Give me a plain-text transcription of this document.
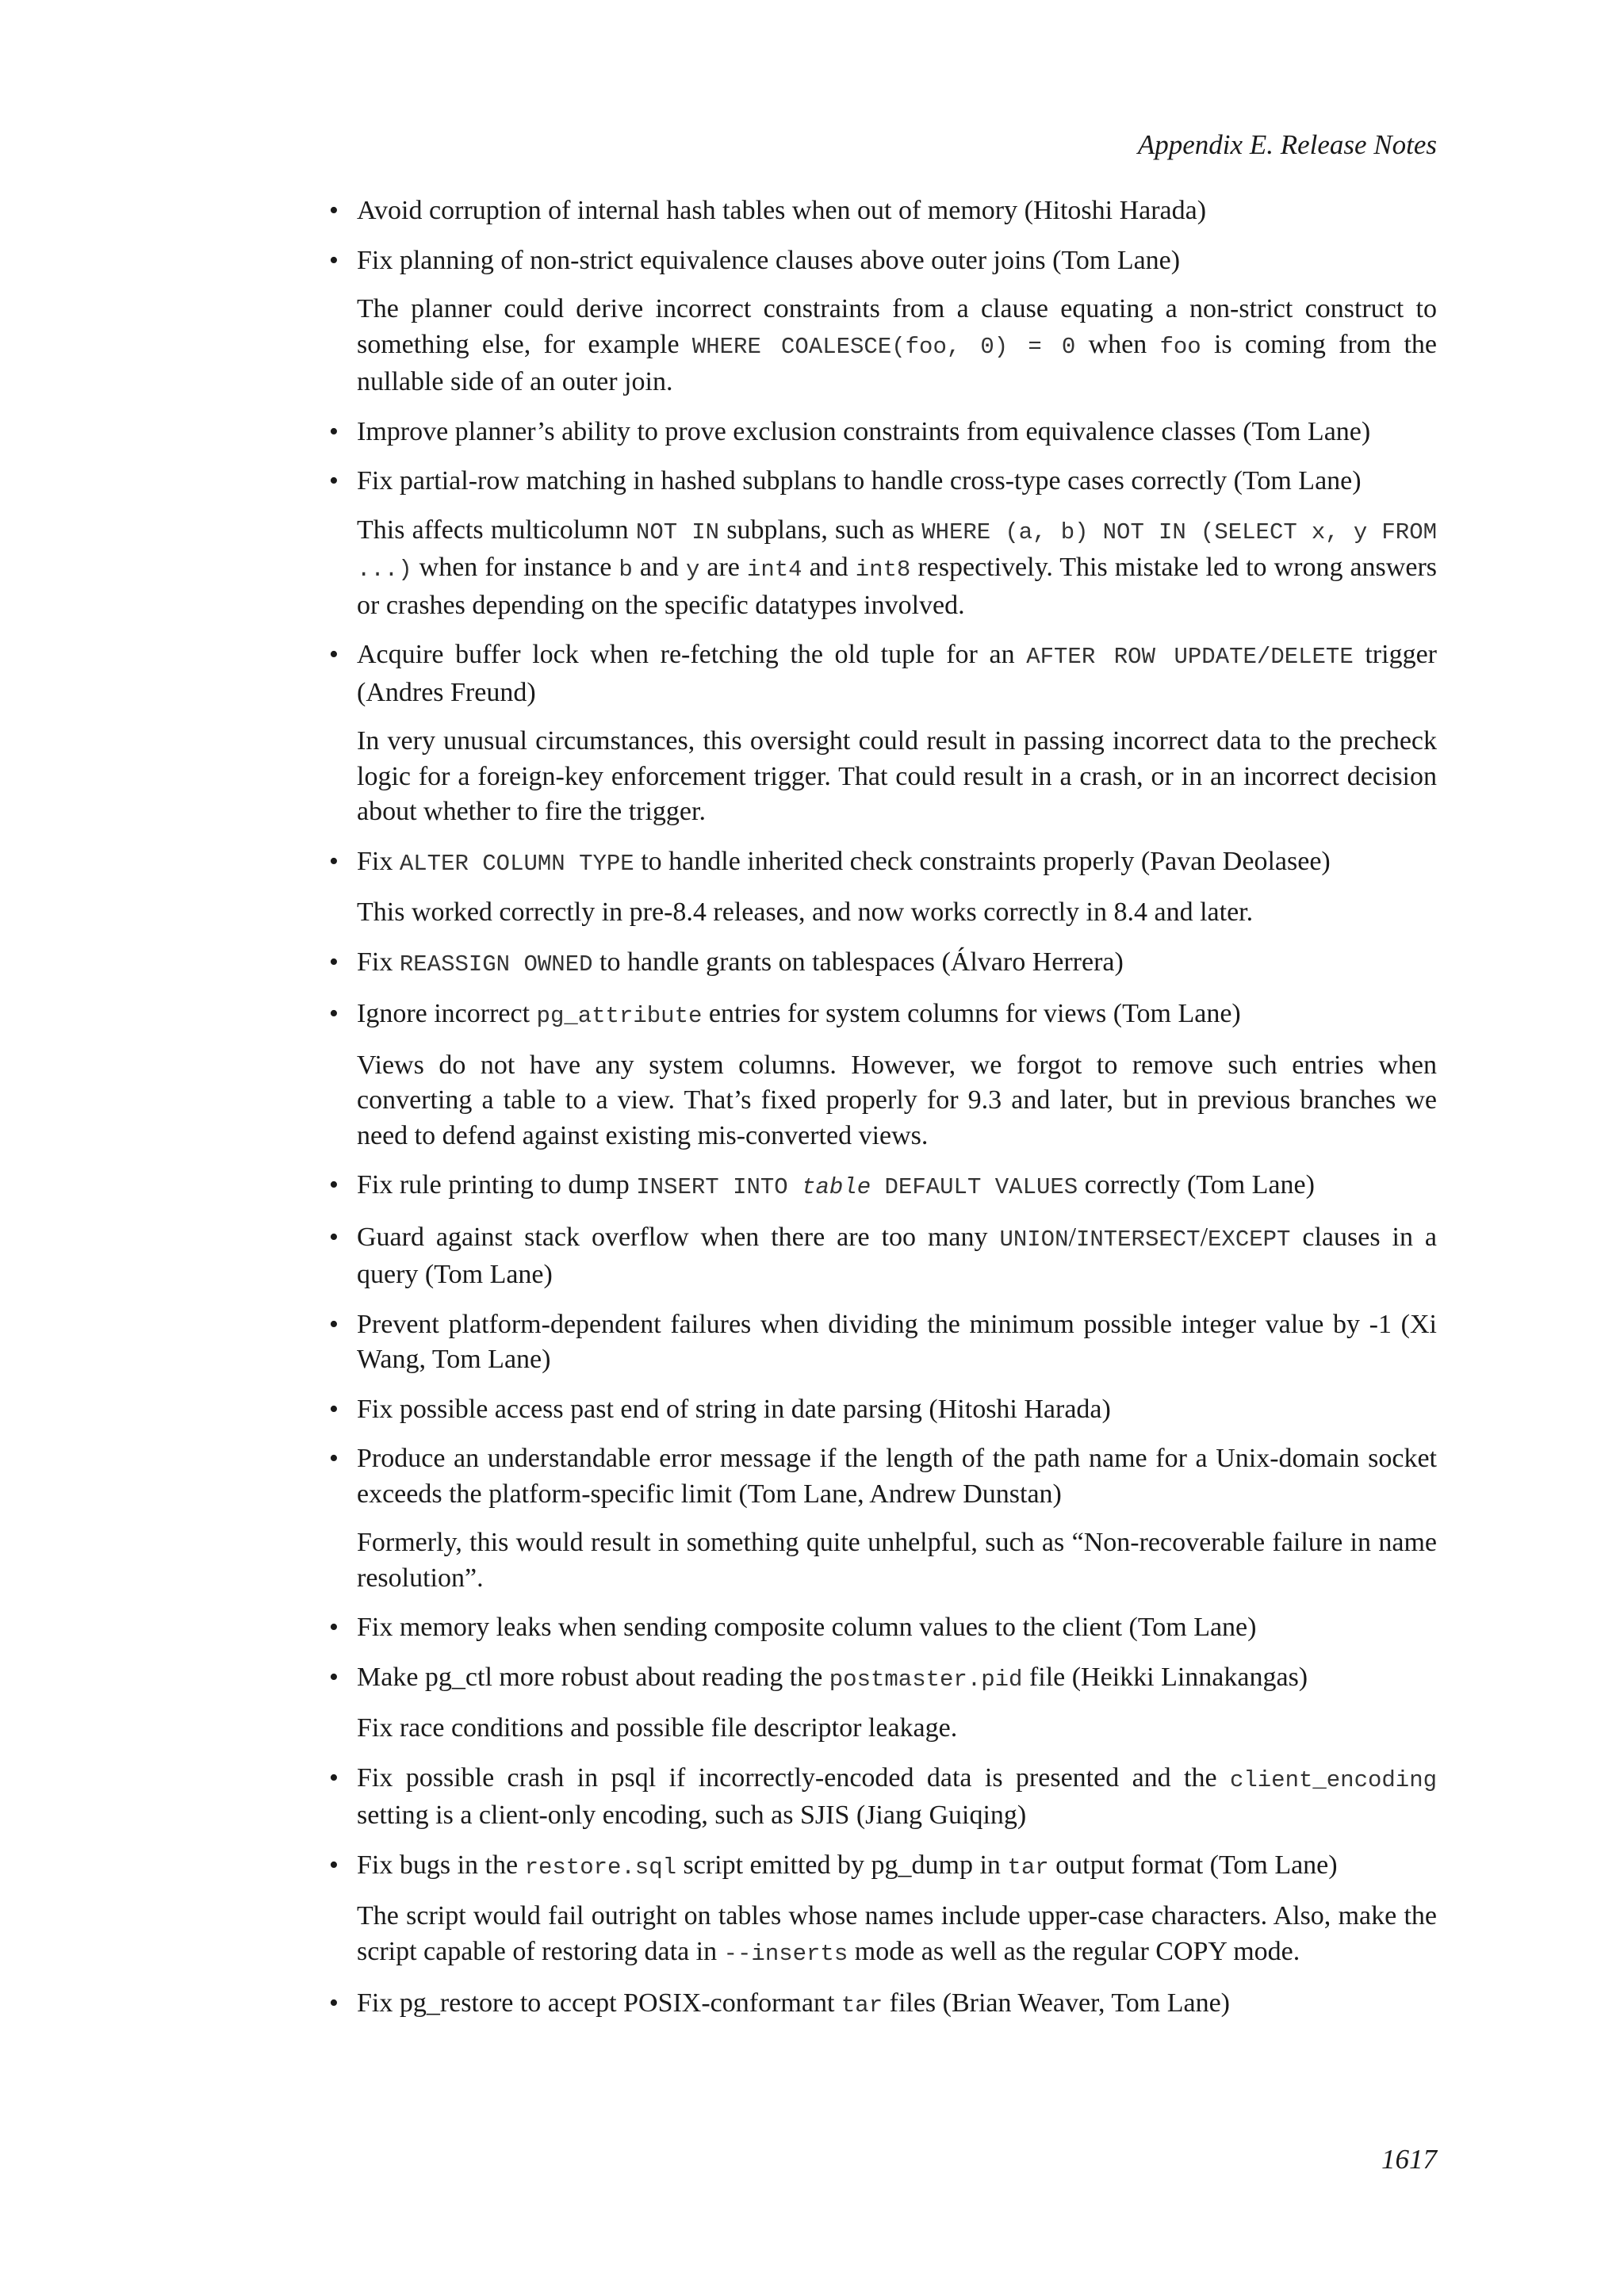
Appendix E. Release Notes
• Avoid corruption of internal hash tables when out of memory (Hitoshi Harada)

• Fix planning of non-strict equivalence clauses above outer joins (Tom Lane)

The planner could derive incorrect constraints from a clause equating a non-strict construct to something else, for example WHERE COALESCE(foo, 0) = 0 when foo is coming from the nullable side of an outer join.

• Improve planner’s ability to prove exclusion constraints from equivalence classes (Tom Lane)

• Fix partial-row matching in hashed subplans to handle cross-type cases correctly (Tom Lane)

This affects multicolumn NOT IN subplans, such as WHERE (a, b) NOT IN (SELECT x, y FROM ...) when for instance b and y are int4 and int8 respectively. This mistake led to wrong answers or crashes depending on the specific datatypes involved.

• Acquire buffer lock when re-fetching the old tuple for an AFTER ROW UPDATE/DELETE trigger (Andres Freund)

In very unusual circumstances, this oversight could result in passing incorrect data to the precheck logic for a foreign-key enforcement trigger. That could result in a crash, or in an incorrect decision about whether to fire the trigger.

• Fix ALTER COLUMN TYPE to handle inherited check constraints properly (Pavan Deolasee)

This worked correctly in pre-8.4 releases, and now works correctly in 8.4 and later.

• Fix REASSIGN OWNED to handle grants on tablespaces (Álvaro Herrera)

• Ignore incorrect pg_attribute entries for system columns for views (Tom Lane)

Views do not have any system columns. However, we forgot to remove such entries when converting a table to a view. That’s fixed properly for 9.3 and later, but in previous branches we need to defend against existing mis-converted views.

• Fix rule printing to dump INSERT INTO table DEFAULT VALUES correctly (Tom Lane)

• Guard against stack overflow when there are too many UNION/INTERSECT/EXCEPT clauses in a query (Tom Lane)

• Prevent platform-dependent failures when dividing the minimum possible integer value by -1 (Xi Wang, Tom Lane)

• Fix possible access past end of string in date parsing (Hitoshi Harada)

• Produce an understandable error message if the length of the path name for a Unix-domain socket exceeds the platform-specific limit (Tom Lane, Andrew Dunstan)

Formerly, this would result in something quite unhelpful, such as “Non-recoverable failure in name resolution”.

• Fix memory leaks when sending composite column values to the client (Tom Lane)

• Make pg_ctl more robust about reading the postmaster.pid file (Heikki Linnakangas)

Fix race conditions and possible file descriptor leakage.

• Fix possible crash in psql if incorrectly-encoded data is presented and the client_encoding setting is a client-only encoding, such as SJIS (Jiang Guiqing)

• Fix bugs in the restore.sql script emitted by pg_dump in tar output format (Tom Lane)

The script would fail outright on tables whose names include upper-case characters. Also, make the script capable of restoring data in --inserts mode as well as the regular COPY mode.

• Fix pg_restore to accept POSIX-conformant tar files (Brian Weaver, Tom Lane)

1617
